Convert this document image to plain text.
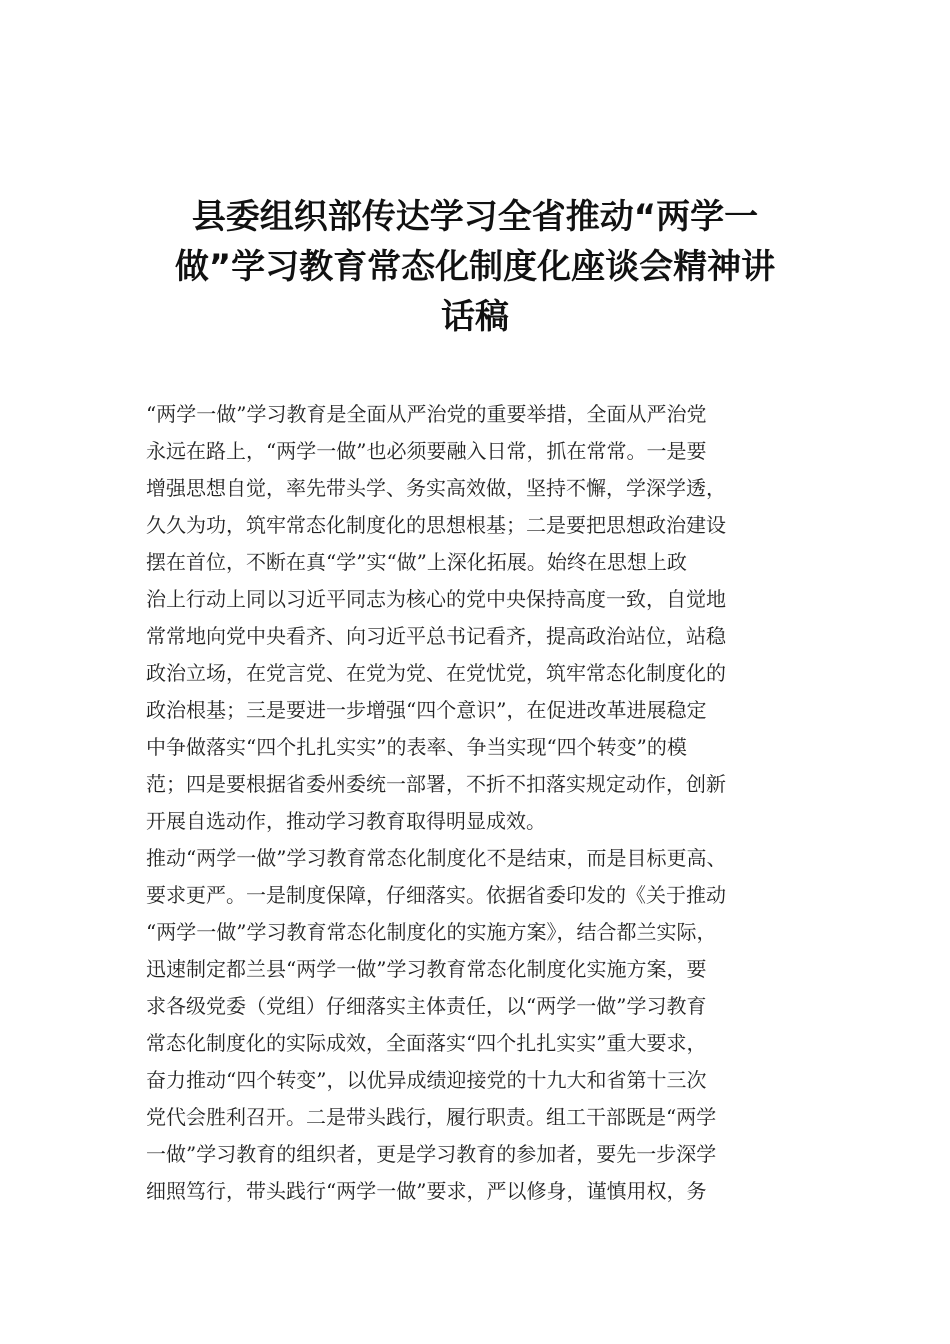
县委组织部传达学习全省推动“两学一
做”学习教育常态化制度化座谈会精神讲
话稿
“两学一做”学习教育是全面从严治党的重要举措，全面从严治党
永远在路上，“两学一做”也必须要融入日常，抓在常常。一是要
增强思想自觉，率先带头学、务实高效做，坚持不懈，学深学透，
久久为功，筑牢常态化制度化的思想根基；二是要把思想政治建设
摆在首位，不断在真“学”实“做”上深化拓展。始终在思想上政
治上行动上同以习近平同志为核心的党中央保持高度一致，自觉地
常常地向党中央看齐、向习近平总书记看齐，提高政治站位，站稳
政治立场，在党言党、在党为党、在党忧党，筑牢常态化制度化的
政治根基；三是要进一步增强“四个意识”，在促进改革进展稳定
中争做落实“四个扎扎实实”的表率、争当实现“四个转变”的模
范；四是要根据省委州委统一部署，不折不扣落实规定动作，创新
开展自选动作，推动学习教育取得明显成效。
推动“两学一做”学习教育常态化制度化不是结束，而是目标更高、
要求更严。一是制度保障，仔细落实。依据省委印发的《关于推动
“两学一做”学习教育常态化制度化的实施方案》，结合都兰实际，
迅速制定都兰县“两学一做”学习教育常态化制度化实施方案，要
求各级党委（党组）仔细落实主体责任，以“两学一做”学习教育
常态化制度化的实际成效，全面落实“四个扎扎实实”重大要求，
奋力推动“四个转变”，以优异成绩迎接党的十九大和省第十三次
党代会胜利召开。二是带头践行，履行职责。组工干部既是“两学
一做”学习教育的组织者，更是学习教育的参加者，要先一步深学
细照笃行，带头践行“两学一做”要求，严以修身，谨慎用权，务
